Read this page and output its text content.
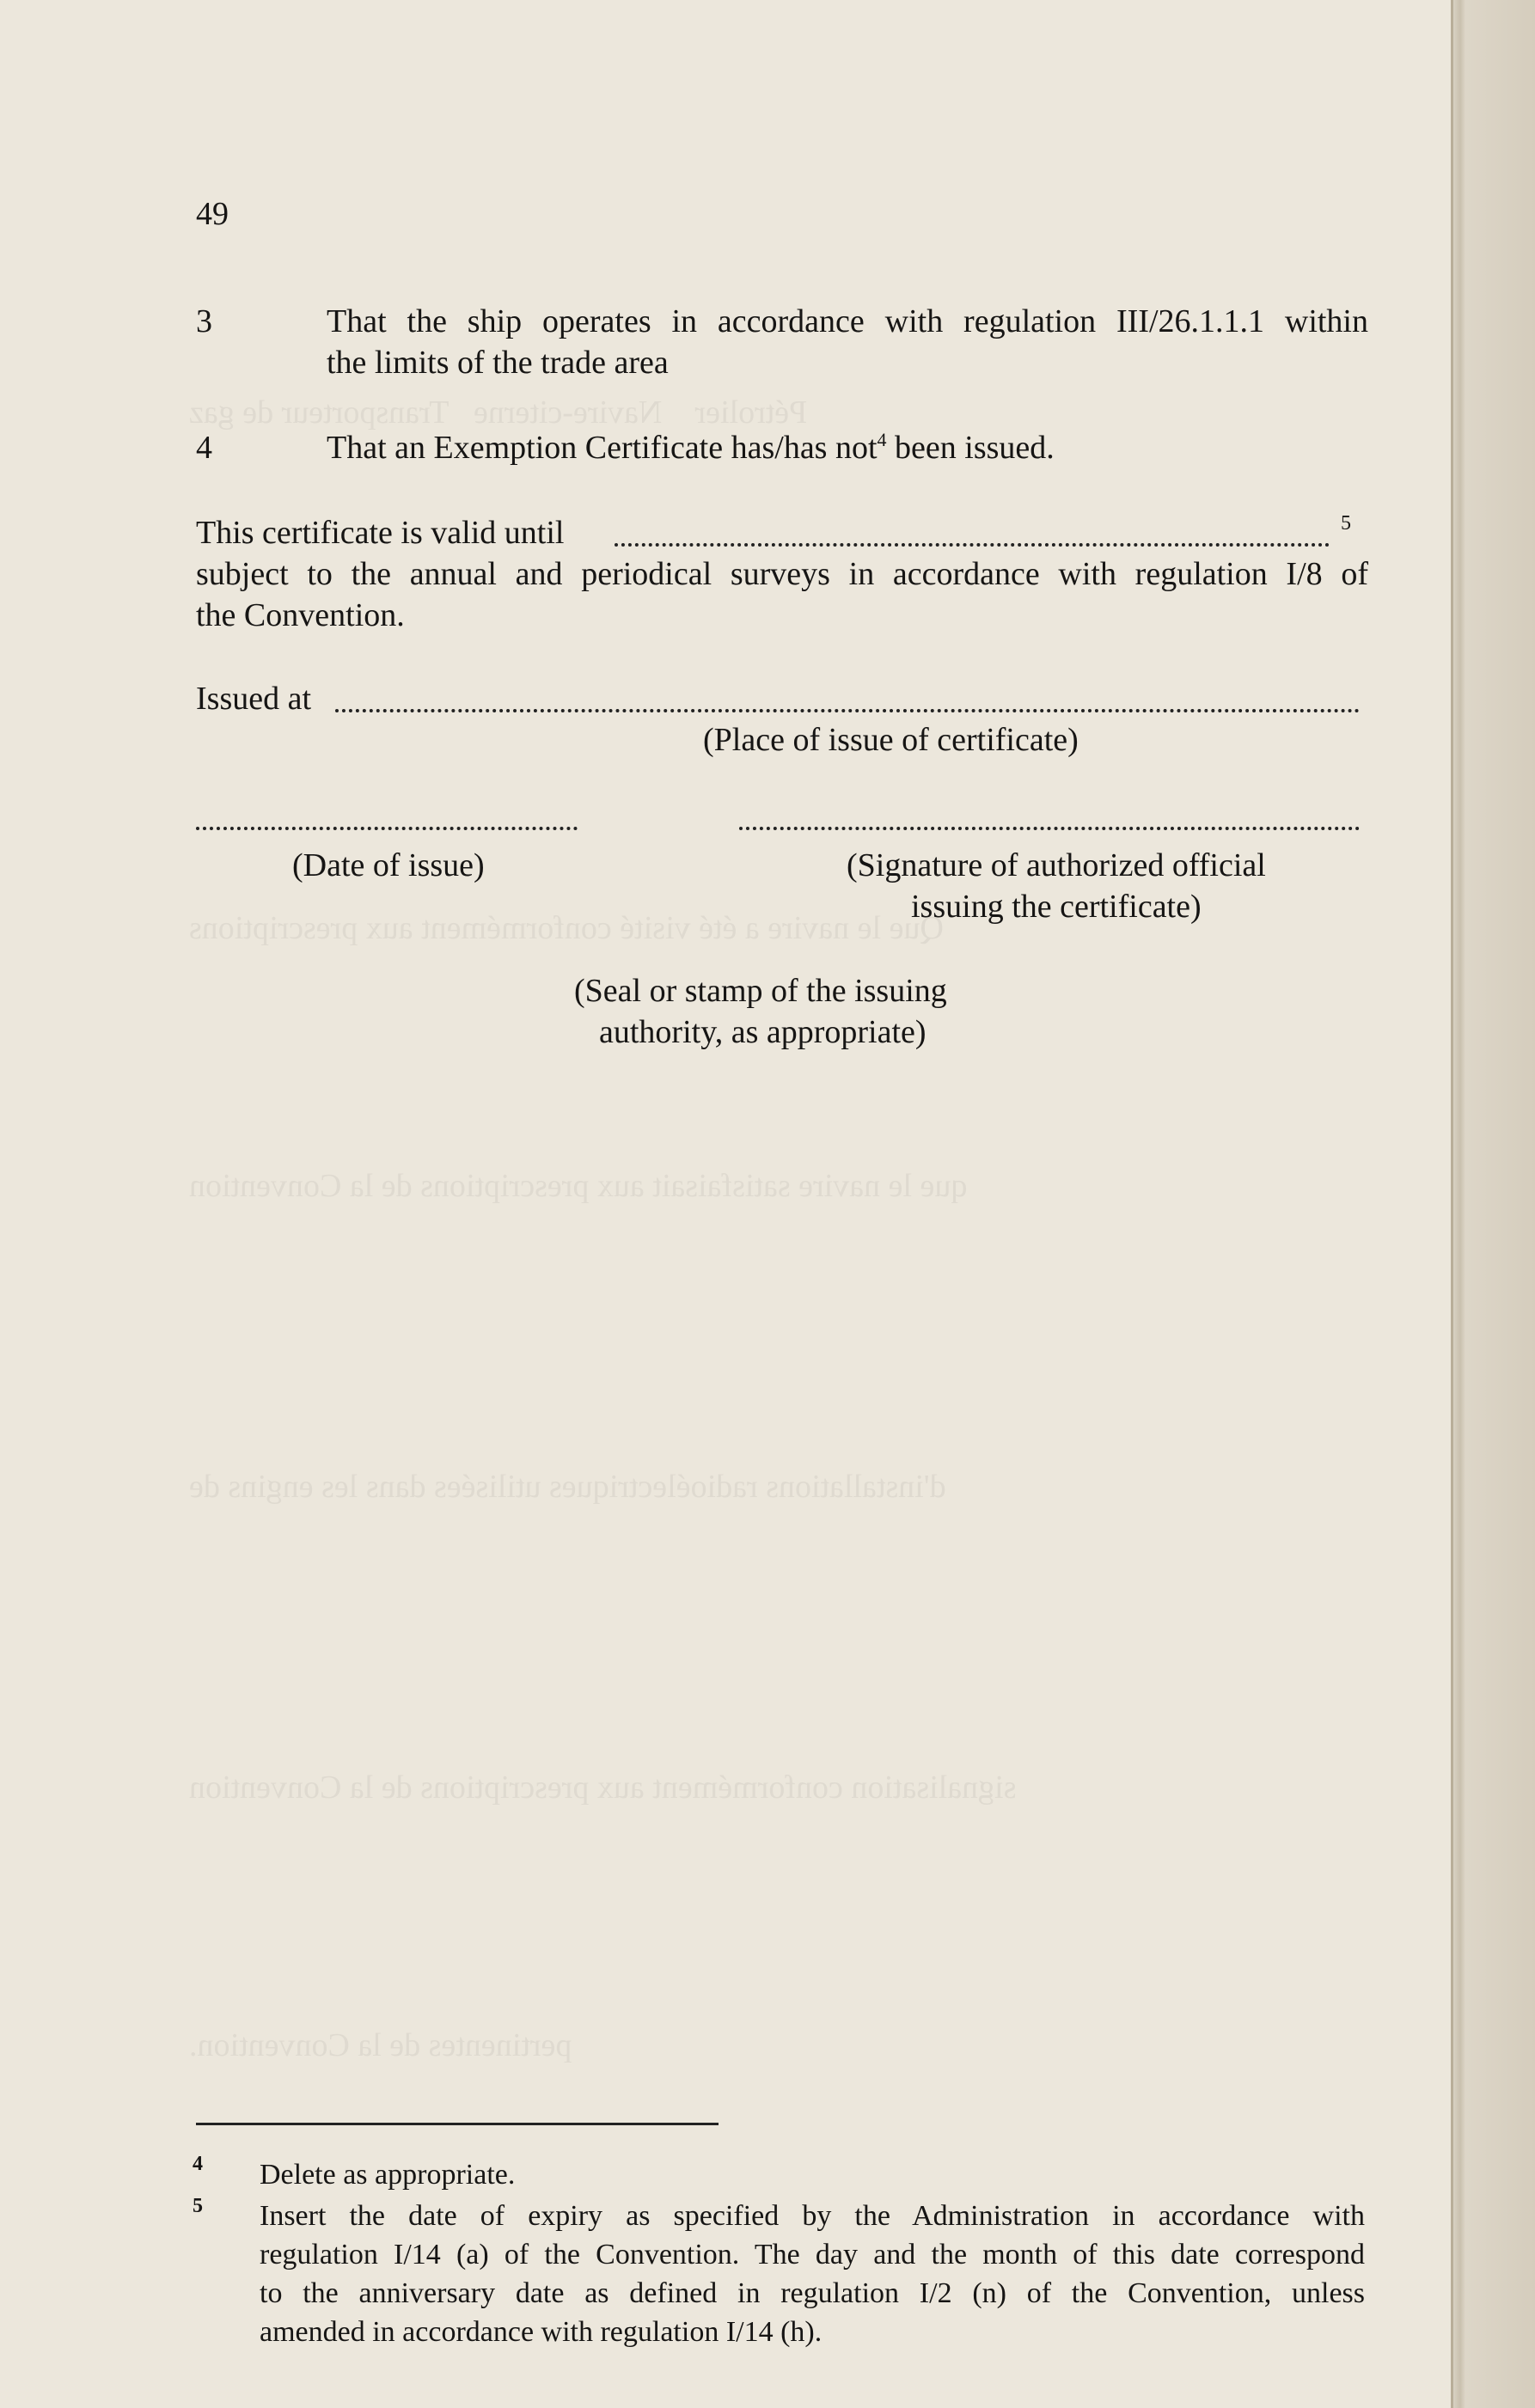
Pétrolier    Navire-citerne   Transporteur de gaz
Que le navire a été visité conformément aux prescriptions
que le navire satisfaisait aux prescriptions de la Convention
d'installations radioélectriques utilisées dans les engins de
signalisation conformément aux prescriptions de la Convention
pertinentes de la Convention.
49
3	That the ship operates in accordance with regulation III/26.1.1.1 within
the limits of the trade area
4	That an Exemption Certificate has/has not$^4$ been issued.
This certificate is valid until	5
subject to the annual and periodical surveys in accordance with regulation I/8 of
the Convention.
Issued at
(Place of issue of certificate)
(Date of issue)	(Signature of authorized official
issuing the certificate)
(Seal or stamp of the issuing
authority, as appropriate)
4 Delete as appropriate.
5 Insert the date of expiry as specified by the Administration in accordance with
regulation I/14 (a) of the Convention. The day and the month of this date correspond
to the anniversary date as defined in regulation I/2 (n) of the Convention, unless
amended in accordance with regulation I/14 (h).
